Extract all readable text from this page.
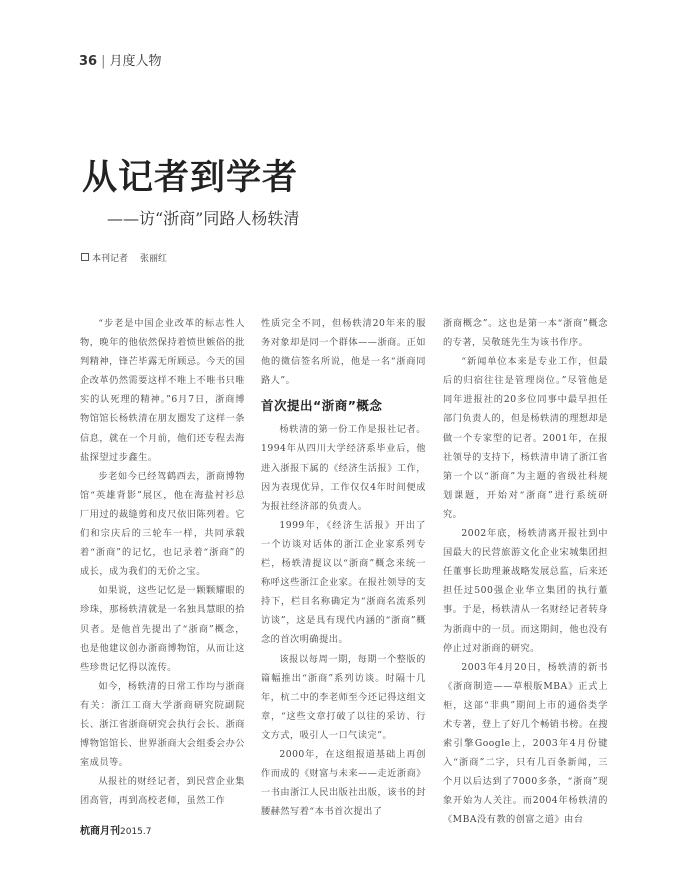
36 | 月度人物
从记者到学者
——访“浙商”同路人杨轶清
本刊记者 张丽红

“步老是中国企业改革的标志性人物，晚年的他依然保持着愤世嫉俗的批判精神，锋芒毕露无所顾忌。今天的国企改革仍然需要这样不唯上不唯书只唯实的认死理的精神。”6月7日，浙商博物馆馆长杨轶清在朋友圈发了这样一条信息，就在一个月前，他们还专程去海盐探望过步鑫生。

步老如今已经驾鹤西去，浙商博物馆“英雄背影”展区，他在海盐衬衫总厂用过的裁缝剪和皮尺依旧陈列着。它们和宗庆后的三轮车一样，共同承载着“浙商”的记忆，也记录着“浙商”的成长，成为我们的无价之宝。

如果说，这些记忆是一颗颗耀眼的珍珠，那杨轶清就是一名独具慧眼的拾贝者。是他首先提出了“浙商”概念，也是他建议创办浙商博物馆，从而让这些珍贵记忆得以流传。

如今，杨轶清的日常工作均与浙商有关：浙江工商大学浙商研究院副院长、浙江省浙商研究会执行会长、浙商博物馆馆长、世界浙商大会组委会办公室成员等。

从报社的财经记者，到民营企业集团高管，再到高校老师，虽然工作

性质完全不同，但杨轶清20年来的服务对象却是同一个群体——浙商。正如他的微信签名所说，他是一名“浙商同路人”。

首次提出“浙商”概念

杨轶清的第一份工作是报社记者。1994年从四川大学经济系毕业后，他进入浙报下属的《经济生活报》工作，因为表现优异，工作仅仅4年时间便成为报社经济部的负责人。

1999年，《经济生活报》开出了一个访谈对话体的浙江企业家系列专栏，杨轶清提议以“浙商”概念来统一称呼这些浙江企业家。在报社领导的支持下，栏目名称确定为“浙商名流系列访谈”，这是具有现代内涵的“浙商”概念的首次明确提出。

该报以每周一期，每期一个整版的篇幅推出“浙商”系列访谈。时隔十几年，杭二中的李老师至今还记得这组文章，“这些文章打破了以往的采访、行文方式，吸引人一口气读完”。

2000年，在这组报道基础上再创作而成的《财富与未来——走近浙商》一书由浙江人民出版社出版，该书的封腰赫然写着“本书首次提出了

浙商概念”。这也是第一本“浙商”概念的专著，吴敬琏先生为该书作序。

“新闻单位本来是专业工作，但最后的归宿往往是管理岗位。”尽管他是同年进报社的20多位同事中最早担任部门负责人的，但是杨轶清的理想却是做一个专家型的记者。2001年，在报社领导的支持下，杨轶清申请了浙江省第一个以“浙商”为主题的省级社科规划课题，开始对“浙商”进行系统研究。

2002年底，杨轶清离开报社到中国最大的民营旅游文化企业宋城集团担任董事长助理兼战略发展总监，后来还担任过500强企业华立集团的执行董事。于是，杨轶清从一名财经记者转身为浙商中的一员。而这期间，他也没有停止过对浙商的研究。

2003年4月20日，杨轶清的新书《浙商制造——草根版MBA》正式上柜，这部“非典”期间上市的通俗类学术专著，登上了好几个畅销书榜。在搜索引擎Google上，2003年4月份键入“浙商”二字，只有几百条新闻，三个月以后达到了7000多条，“浙商”现象开始为人关注。而2004年杨轶清的《MBA没有教的创富之道》由台

杭商月刊2015.7
